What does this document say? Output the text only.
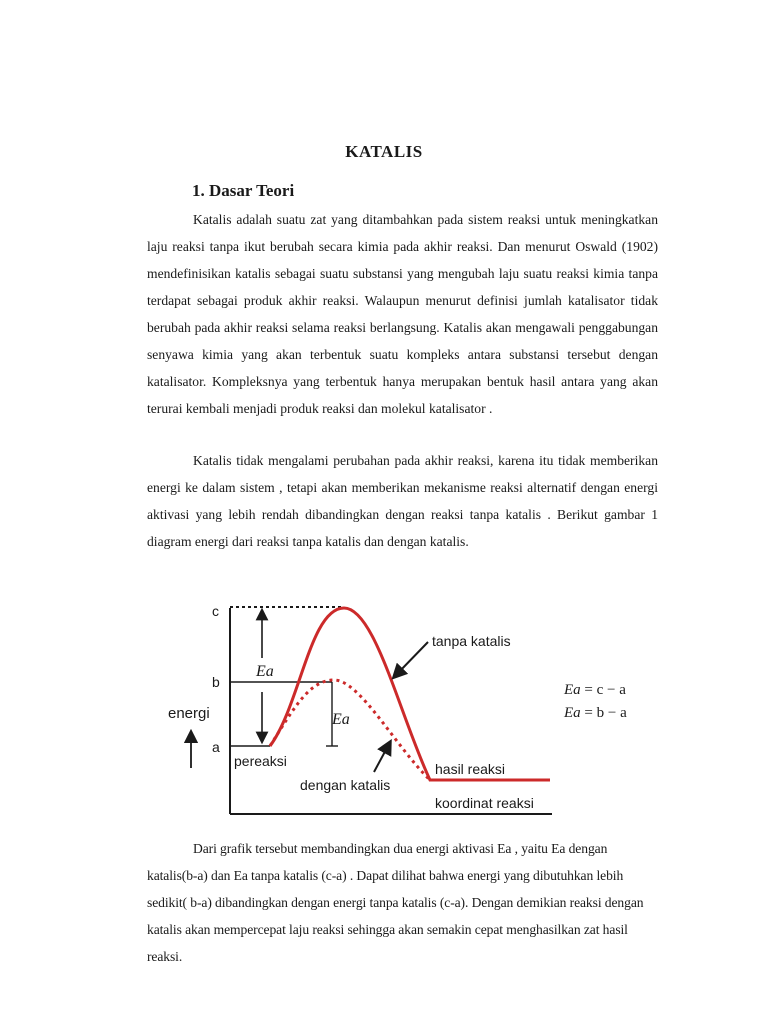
KATALIS
1. Dasar Teori

Katalis adalah suatu zat yang ditambahkan pada sistem reaksi untuk meningkatkan laju reaksi tanpa ikut berubah secara kimia pada akhir reaksi. Dan menurut Oswald (1902) mendefinisikan katalis sebagai suatu substansi yang mengubah laju suatu reaksi kimia tanpa terdapat sebagai produk akhir reaksi. Walaupun menurut definisi jumlah katalisator tidak berubah pada akhir reaksi selama reaksi berlangsung. Katalis akan mengawali penggabungan senyawa kimia yang akan terbentuk suatu kompleks antara substansi tersebut dengan katalisator. Kompleksnya yang terbentuk hanya merupakan bentuk hasil antara yang akan terurai kembali menjadi produk reaksi dan molekul katalisator .

Katalis tidak mengalami perubahan pada akhir reaksi, karena itu tidak memberikan energi ke dalam sistem , tetapi akan memberikan mekanisme reaksi alternatif dengan energi aktivasi yang lebih rendah dibandingkan dengan reaksi tanpa katalis . Berikut gambar 1 diagram energi dari reaksi tanpa katalis dan dengan katalis.

c
b
a
energi
Ea
Ea
pereaksi
tanpa katalis
dengan katalis
hasil reaksi
koordinat reaksi
Ea = c − a
Ea = b − a

Dari grafik tersebut membandingkan dua energi aktivasi Ea , yaitu Ea dengan katalis(b-a) dan Ea tanpa katalis (c-a) . Dapat dilihat bahwa energi yang dibutuhkan lebih sedikit( b-a) dibandingkan dengan energi tanpa katalis (c-a). Dengan demikian reaksi dengan katalis akan mempercepat laju reaksi sehingga akan semakin cepat menghasilkan zat hasil reaksi.
